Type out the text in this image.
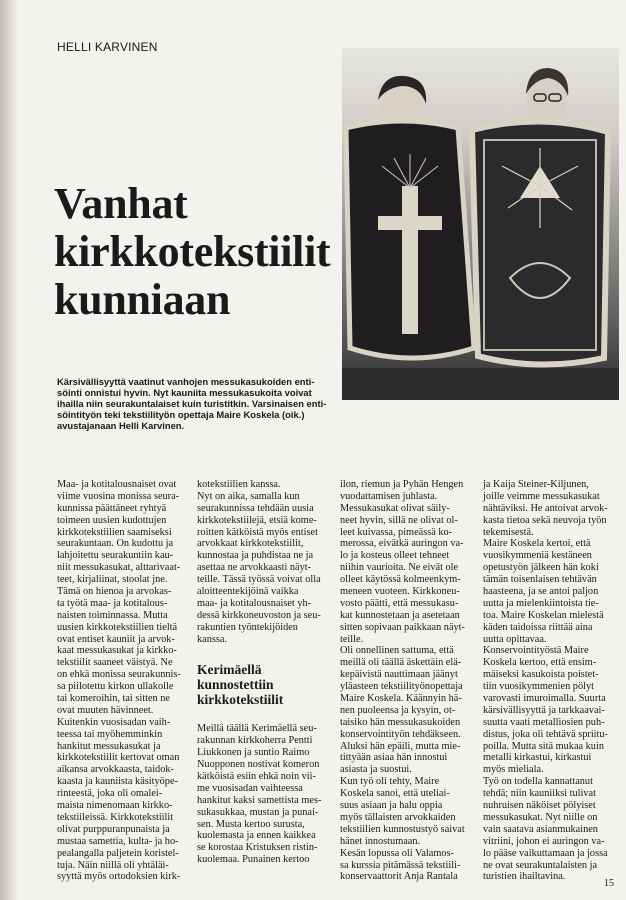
HELLI KARVINEN
Vanhat
kirkkotekstiilit
kunniaan
Kärsivällisyyttä vaatinut vanhojen messukasukoiden enti-
söinti onnistui hyvin. Nyt kauniita messukasukoita voivat
ihailla niin seurakuntalaiset kuin turistitkin. Varsinaisen enti-
söintityön teki tekstiilityön opettaja Maire Koskela (oik.)
avustajanaan Helli Karvinen.
Maa- ja kotitalousnaiset ovat
viime vuosina monissa seura-
kunnissa päättäneet ryhtyä
toimeen uusien kudottujen
kirkkotekstiilien saamiseksi
seurakuntaan. On kudottu ja
lahjoitettu seurakuntiin kau-
niit messukasukat, alttarivaat-
teet, kirjaliinat, stoolat jne.
Tämä on hienoa ja arvokas-
ta työtä maa- ja kotitalous-
naisten toiminnassa. Mutta
uusien kirkkotekstiilien tieltä
ovat entiset kauniit ja arvok-
kaat messukasukat ja kirkko-
tekstiilit saaneet väistyä. Ne
on ehkä monissa seurakunnis-
sa piilotettu kirkon ullakolle
tai komeroihin, tai sitten ne
ovat muuten hävinneet.
Kuitenkin vuosisadan vaih-
teessa tai myöhemminkin
hankitut messukasukat ja
kirkkotekstiilit kertovat oman
aikansa arvokkaasta, taidok-
kaasta ja kauniista käsityöpe-
rinteestä, joka oli omalei-
maista nimenomaan kirkko-
tekstiileissä. Kirkkotekstiilit
olivat purppuranpunaista ja
mustaa samettia, kulta- ja ho-
pealangalla paljetein koristel-
tuja. Näin niillä oli yhtäläi-
syyttä myös ortodoksien kirk-
kotekstiilien kanssa.
Nyt on aika, samalla kun
seurakunnissa tehdään uusia
kirkkotekstiilejä, etsiä kome-
roitten kätköistä myös entiset
arvokkaat kirkkotekstiilit,
kunnostaa ja puhdistaa ne ja
asettaa ne arvokkaasti näyt-
teille. Tässä työssä voivat olla
aloitteentekijöinä vaikka
maa- ja kotitalousnaiset yh-
dessä kirkkoneuvoston ja seu-
rakuntien työntekijöiden
kanssa.
Kerimäellä
kunnostettiin
kirkkotekstiilit
Meillä täällä Kerimäellä seu-
rakunnan kirkkoherra Pentti
Liukkonen ja suntio Raimo
Nuopponen nostivat komeron
kätköistä esiin ehkä noin vii-
me vuosisadan vaihteessa
hankitut kaksi samettista mes-
sukasukkaa, mustan ja punai-
sen. Musta kertoo surusta,
kuolemasta ja ennen kaikkea
se korostaa Kristuksen ristin-
kuolemaa. Punainen kertoo
ilon, riemun ja Pyhän Hengen
vuodattamisen juhlasta.
Messukasukat olivat säily-
neet hyvin, sillä ne olivat ol-
leet kuivassa, pimeässä ko-
merossa, eivätkä auringon va-
lo ja kosteus olleet tehneet
niihin vaurioita. Ne eivät ole
olleet käytössä kolmeenkym-
meneen vuoteen. Kirkkoneu-
vosto päätti, että messukasu-
kat kunnostetaan ja asetetaan
sitten sopivaan paikkaan näyt-
teille.
Oli onnellinen sattuma, että
meillä oli täällä äskettäin elä-
kepäivistä nauttimaan jäänyt
yläasteen tekstiilityönopettaja
Maire Koskela. Käännyin hä-
nen puoleensa ja kysyin, ot-
taisiko hän messukasukoiden
konservointityön tehdäkseen.
Aluksi hän epäili, mutta mie-
tittyään asiaa hän innostui
asiasta ja suostui.
Kun työ oli tehty, Maire
Koskela sanoi, että uteliai-
suus asiaan ja halu oppia
myös tällaisten arvokkaiden
tekstiilien kunnostustyö saivat
hänet innostumaan.
Kesän lopussa oli Valamos-
sa kurssia pitämässä tekstiili-
konservaattorit Anja Rantala
ja Kaija Steiner-Kiljunen,
joille veimme messukasukat
nähtäviksi. He antoivat arvok-
kasta tietoa sekä neuvoja työn
tekemisestä.
Maire Koskela kertoi, että
vuosikymmeniä kestäneen
opetustyön jälkeen hän koki
tämän toisenlaisen tehtävän
haasteena, ja se antoi paljon
uutta ja mielenkiintoista tie-
toa. Maire Koskelan mielestä
käden taidoissa riittää aina
uutta opittavaa.
Konservointityöstä Maire
Koskela kertoo, että ensim-
mäiseksi kasukoista poistet-
tiin vuosikymmenien pölyt
varovasti imuroimalla. Suurta
kärsivällisyyttä ja tarkkaavai-
suutta vaati metalliosien puh-
distus, joka oli tehtävä spriitu-
poilla. Mutta sitä mukaa kuin
metalli kirkastui, kirkastui
myös mieliala.
Työ on todella kannattanut
tehdä; niin kauniiksi tulivat
nuhruisen näköiset pölyiset
messukasukat. Nyt niille on
vain saatava asianmukainen
vitriini, johon ei auringon va-
lo pääse vaikuttamaan ja jossa
ne ovat seurakuntalaisten ja
turistien ihailtavina.
15
